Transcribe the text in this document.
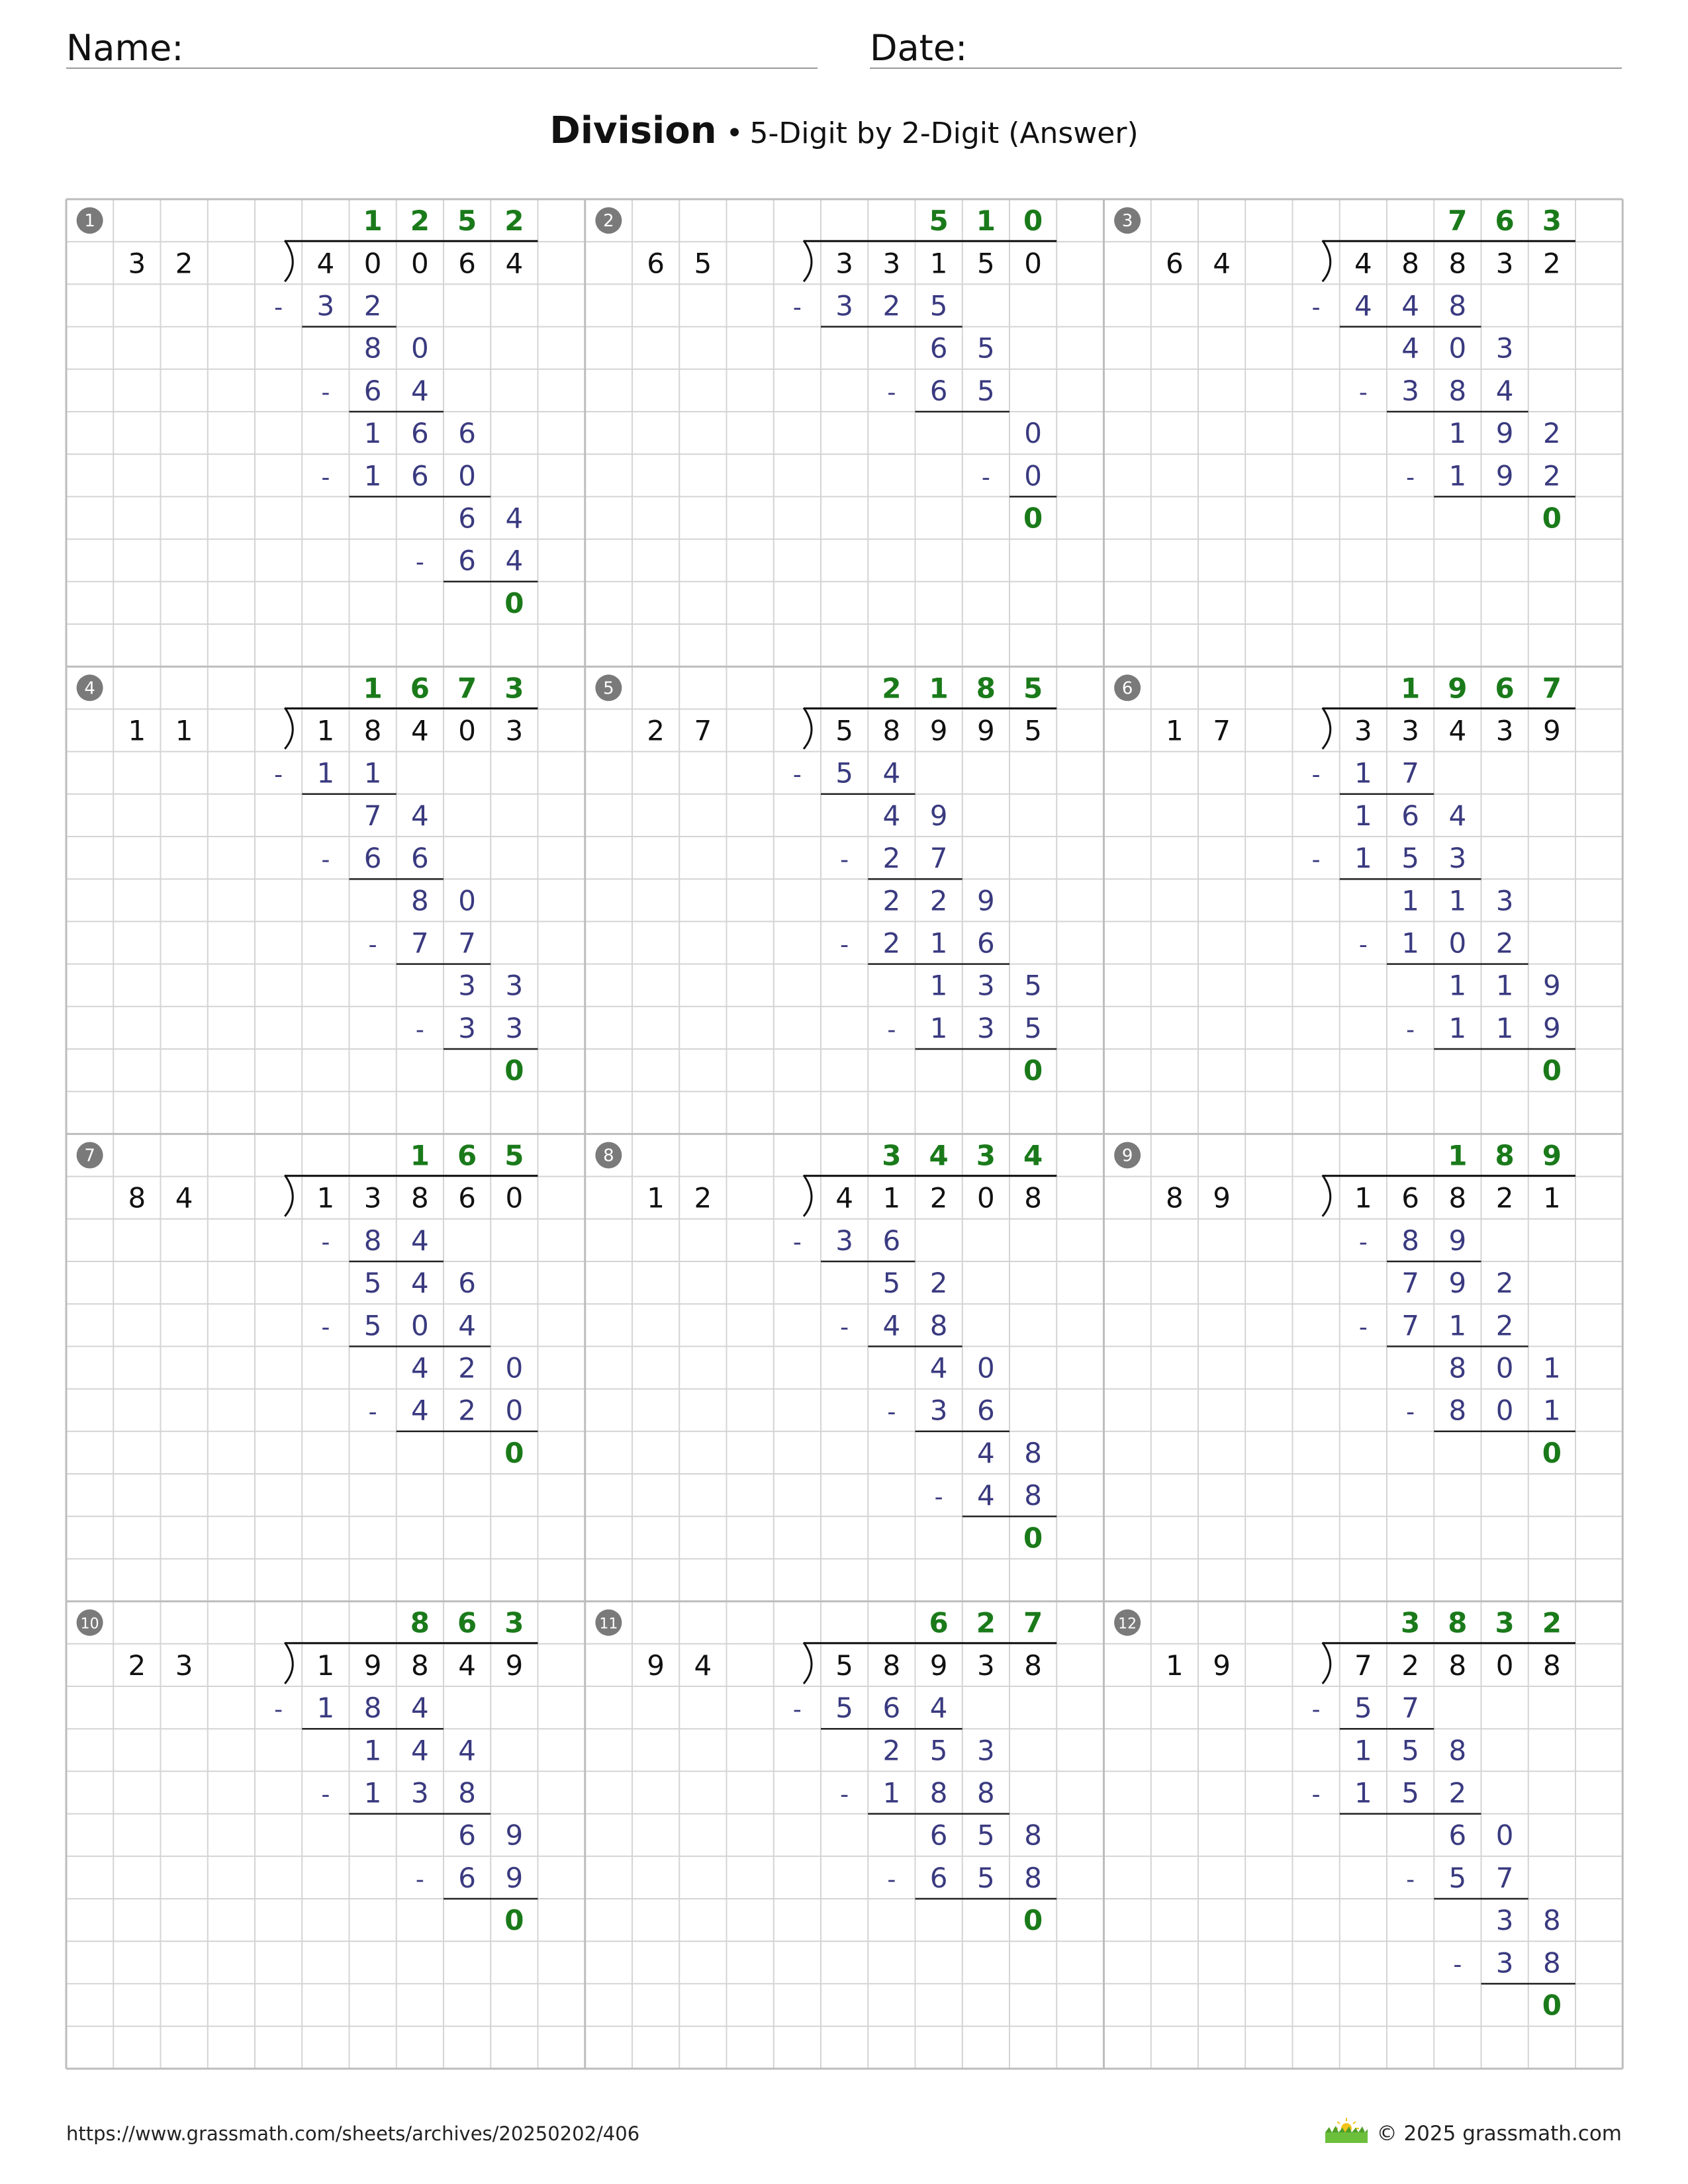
Name:	Date:
Division • 5-Digit by 2-Digit (Answer)
1	1 2 5 2
3 2	4 0 0 6 4
- 3 2
8 0
- 6 4
1 6 6
- 1 6 0
6 4
- 6 4
0
2	5 1 0
6 5	3 3 1 5 0
- 3 2 5
6 5
- 6 5
0
- 0
0
3	7 6 3
6 4	4 8 8 3 2
- 4 4 8
4 0 3
- 3 8 4
1 9 2
- 1 9 2
0
4	1 6 7 3
1 1	1 8 4 0 3
- 1 1
7 4
- 6 6
8 0
- 7 7
3 3
- 3 3
0
5	2 1 8 5
2 7	5 8 9 9 5
- 5 4
4 9
- 2 7
2 2 9
- 2 1 6
1 3 5
- 1 3 5
0
6	1 9 6 7
1 7	3 3 4 3 9
- 1 7
1 6 4
- 1 5 3
1 1 3
- 1 0 2
1 1 9
- 1 1 9
0
7	1 6 5
8 4	1 3 8 6 0
- 8 4
5 4 6
- 5 0 4
4 2 0
- 4 2 0
0
8	3 4 3 4
1 2	4 1 2 0 8
- 3 6
5 2
- 4 8
4 0
- 3 6
4 8
- 4 8
0
9	1 8 9
8 9	1 6 8 2 1
- 8 9
7 9 2
- 7 1 2
8 0 1
- 8 0 1
0
10	8 6 3
2 3	1 9 8 4 9
- 1 8 4
1 4 4
- 1 3 8
6 9
- 6 9
0
11	6 2 7
9 4	5 8 9 3 8
- 5 6 4
2 5 3
- 1 8 8
6 5 8
- 6 5 8
0
12	3 8 3 2
1 9	7 2 8 0 8
- 5 7
1 5 8
- 1 5 2
6 0
- 5 7
3 8
- 3 8
0
https://www.grassmath.com/sheets/archives/20250202/406	© 2025 grassmath.com
